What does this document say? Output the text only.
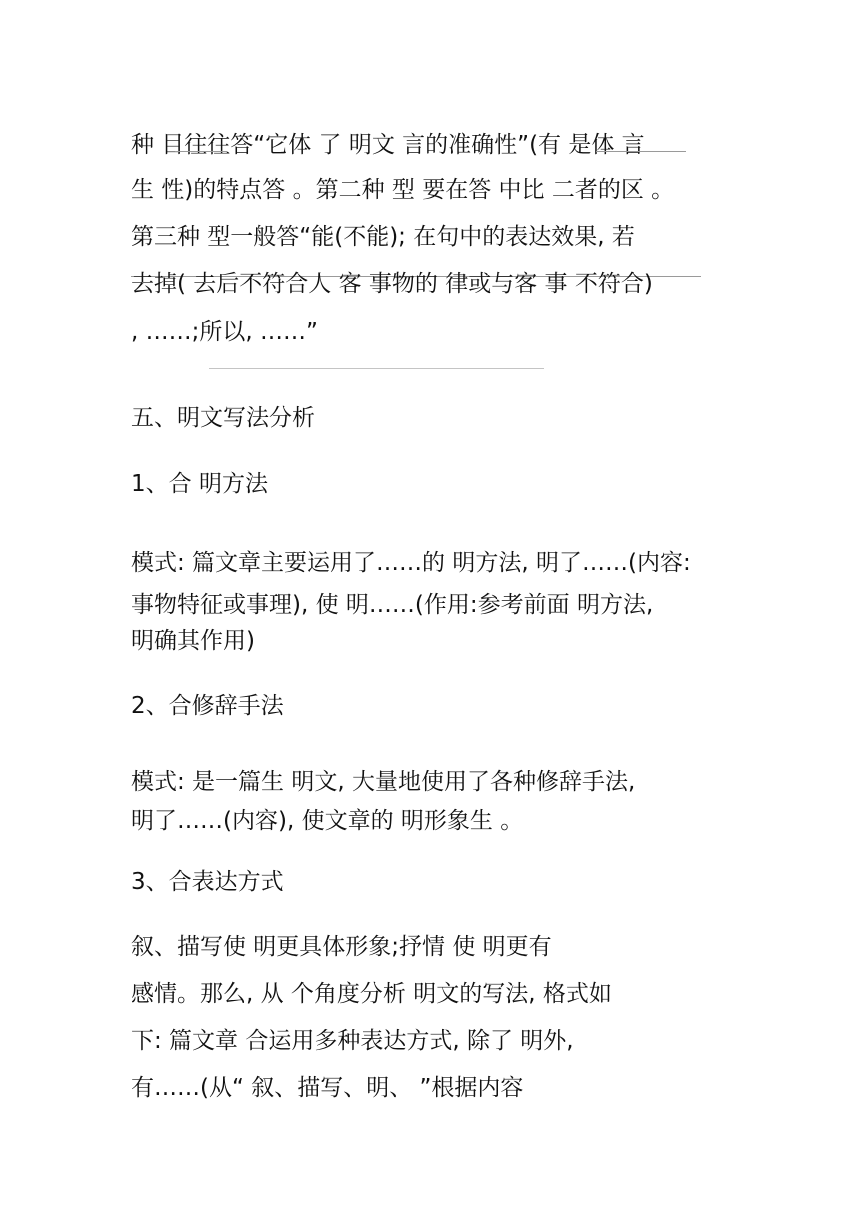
种 目往往答“它体 了 明文 言的准确性”(有 是体 言
生 性)的特点答 。第二种 型 要在答 中比 二者的区 。
第三种 型一般答“能(不能); 在句中的表达效果, 若
去掉( 去后不符合人 客 事物的 律或与客 事 不符合)
, ……;所以, ……”
五、明文写法分析
1、合 明方法
模式: 篇文章主要运用了……的 明方法, 明了……(内容:
事物特征或事理), 使 明……(作用:参考前面 明方法,
明确其作用)
2、合修辞手法
模式: 是一篇生 明文, 大量地使用了各种修辞手法,
明了……(内容), 使文章的 明形象生 。
3、合表达方式
叙、描写使 明更具体形象;抒情 使 明更有
感情。那么, 从 个角度分析 明文的写法, 格式如
下: 篇文章 合运用多种表达方式, 除了 明外,
有……(从“ 叙、描写、明、 ”根据内容
